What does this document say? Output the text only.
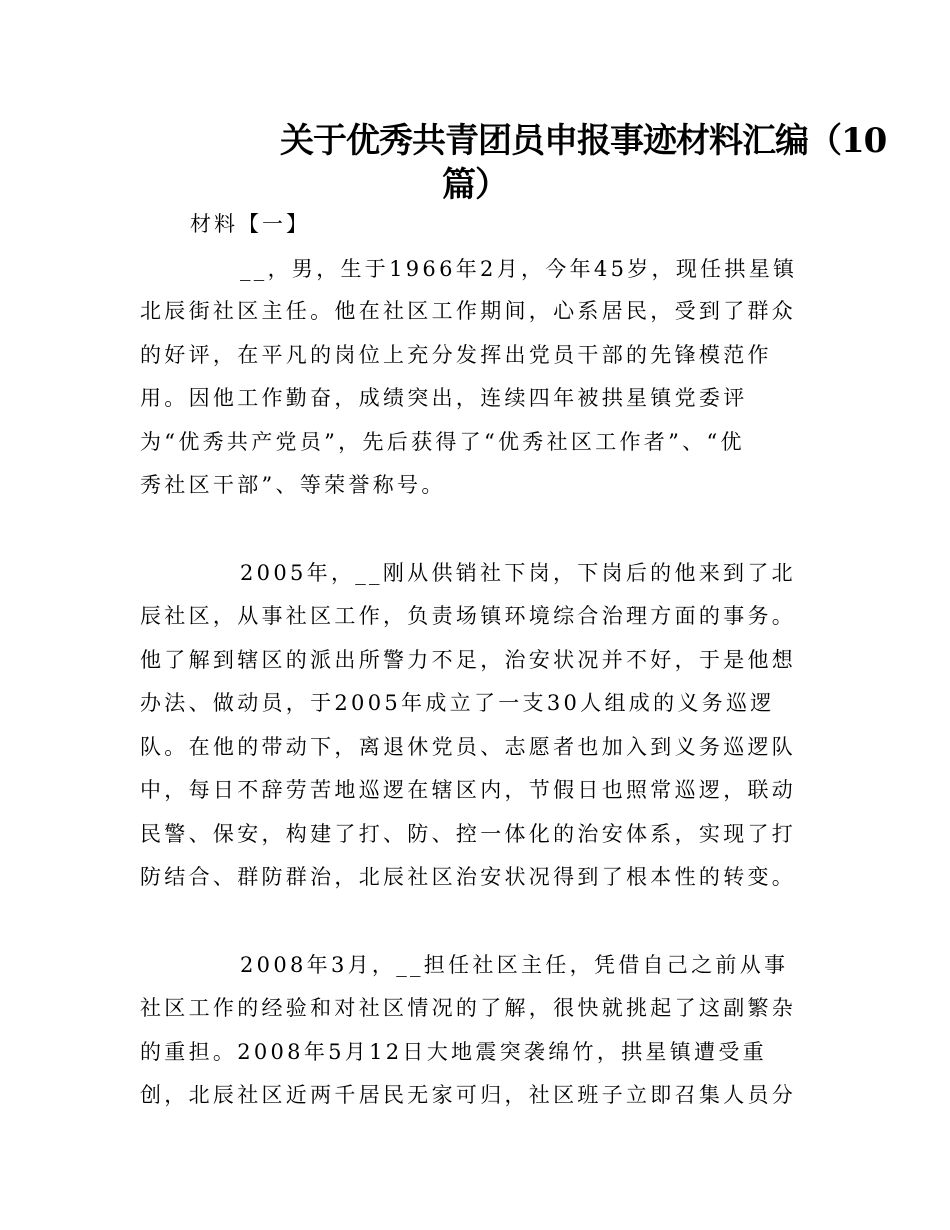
关于优秀共青团员申报事迹材料汇编（10
篇）
材料【一】
__，男，生于1966年2月，今年45岁，现任拱星镇
北辰街社区主任。他在社区工作期间，心系居民，受到了群众
的好评，在平凡的岗位上充分发挥出党员干部的先锋模范作
用。因他工作勤奋，成绩突出，连续四年被拱星镇党委评
为“优秀共产党员”，先后获得了“优秀社区工作者”、“优
秀社区干部”、等荣誉称号。
2005年，__刚从供销社下岗，下岗后的他来到了北
辰社区，从事社区工作，负责场镇环境综合治理方面的事务。
他了解到辖区的派出所警力不足，治安状况并不好，于是他想
办法、做动员，于2005年成立了一支30人组成的义务巡逻
队。在他的带动下，离退休党员、志愿者也加入到义务巡逻队
中，每日不辞劳苦地巡逻在辖区内，节假日也照常巡逻，联动
民警、保安，构建了打、防、控一体化的治安体系，实现了打
防结合、群防群治，北辰社区治安状况得到了根本性的转变。
2008年3月，__担任社区主任，凭借自己之前从事
社区工作的经验和对社区情况的了解，很快就挑起了这副繁杂
的重担。2008年5月12日大地震突袭绵竹，拱星镇遭受重
创，北辰社区近两千居民无家可归，社区班子立即召集人员分
